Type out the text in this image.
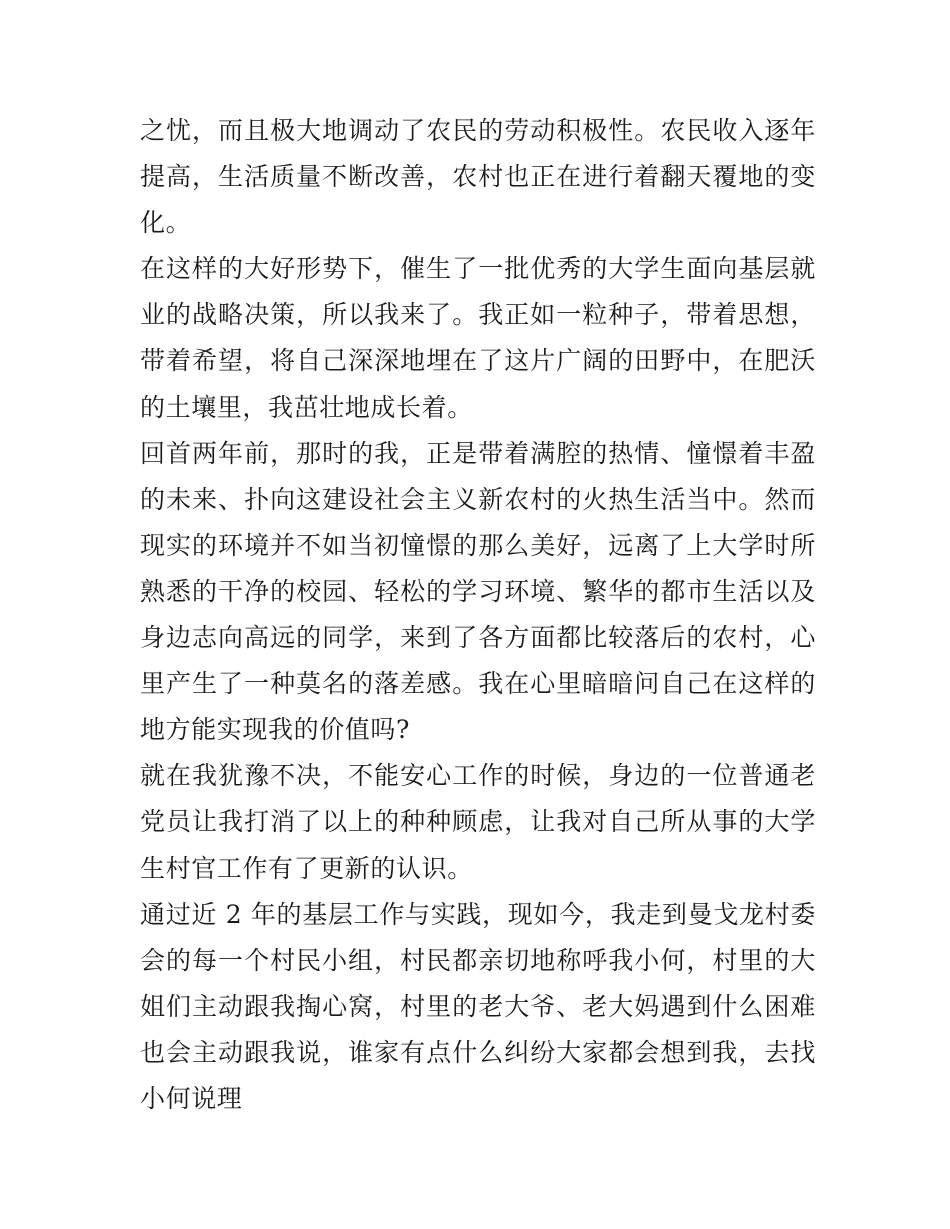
之忧，而且极大地调动了农民的劳动积极性。农民收入逐年提高，生活质量不断改善，农村也正在进行着翻天覆地的变化。

在这样的大好形势下，催生了一批优秀的大学生面向基层就业的战略决策，所以我来了。我正如一粒种子，带着思想，带着希望，将自己深深地埋在了这片广阔的田野中，在肥沃的土壤里，我茁壮地成长着。

回首两年前，那时的我，正是带着满腔的热情、憧憬着丰盈的未来、扑向这建设社会主义新农村的火热生活当中。然而现实的环境并不如当初憧憬的那么美好，远离了上大学时所熟悉的干净的校园、轻松的学习环境、繁华的都市生活以及身边志向高远的同学，来到了各方面都比较落后的农村，心里产生了一种莫名的落差感。我在心里暗暗问自己在这样的地方能实现我的价值吗?

就在我犹豫不决，不能安心工作的时候，身边的一位普通老党员让我打消了以上的种种顾虑，让我对自己所从事的大学生村官工作有了更新的认识。

通过近 2 年的基层工作与实践，现如今，我走到曼戈龙村委会的每一个村民小组，村民都亲切地称呼我小何，村里的大姐们主动跟我掏心窝，村里的老大爷、老大妈遇到什么困难也会主动跟我说，谁家有点什么纠纷大家都会想到我，去找小何说理
